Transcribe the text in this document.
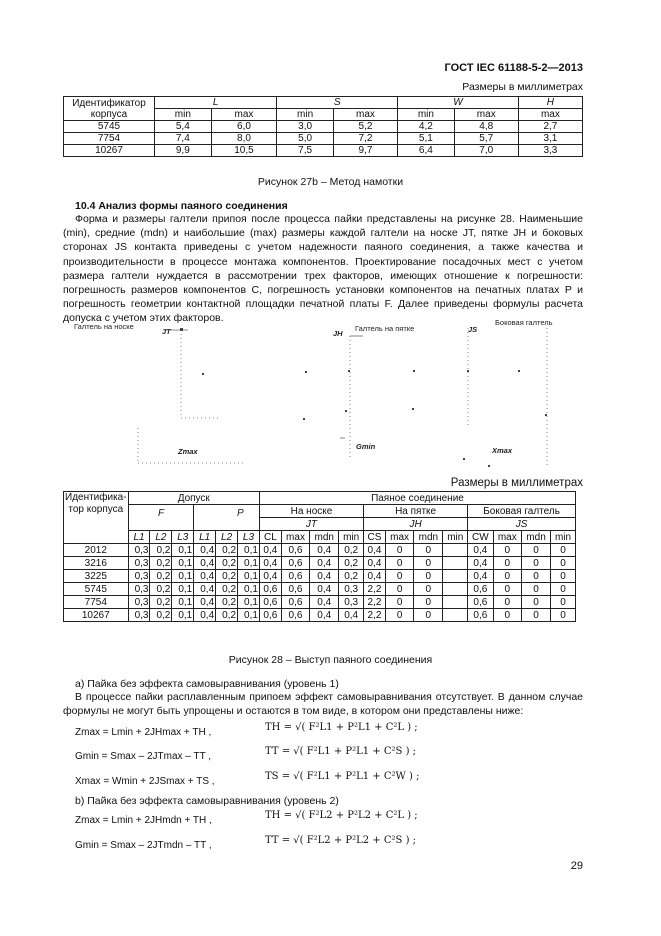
ГОСТ IEC 61188-5-2—2013
Размеры в миллиметрах
Идентификатор корпуса	L		S		W		H
	min	max	min	max	min	max	max
5745	5,4	6,0	3,0	5,2	4,2	4,8	2,7
7754	7,4	8,0	5,0	7,2	5,1	5,7	3,1
10267	9,9	10,5	7,5	9,7	6,4	7,0	3,3
Рисунок 27b – Метод намотки
10.4 Анализ формы паяного соединения

Форма и размеры галтели припоя после процесса пайки представлены на рисунке 28. Наименьшие (min), средние (mdn) и наибольшие (max) размеры каждой галтели на носке JT, пятке JH и боковых сторонах JS контакта приведены с учетом надежности паяного соединения, а также качества и производительности в процессе монтажа компонентов. Проектирование посадочных мест с учетом размера галтели нуждается в рассмотрении трех факторов, имеющих отношение к погрешности: погрешность размеров компонентов C, погрешность установки компонентов на печатных платах P и погрешность геометрии контактной площадки печатной платы F. Далее приведены формулы расчета допуска с учетом этих факторов.

Галтель на носке	Галтель на пятке
Боковая галтель
JT	JH	JS
Zmax
Gmin	Xmax
Размеры в миллиметрах
Идентифика-тор корпуса	Допуск						Паяное соединение											
							На носке				На пятке				Боковая галтель			
							JT				JH				JS			
	L1	L2	L3	L1	L2	L3	CL	max	mdn	min	CS	max	mdn	min	CW	max	mdn	min
2012	0,3	0,2	0,1	0,4	0,2	0,1	0,4	0,6	0,4	0,2	0,4	0	0		0,4	0	0	0
3216	0,3	0,2	0,1	0,4	0,2	0,1	0,4	0,6	0,4	0,2	0,4	0	0		0,4	0	0	0
3225	0,3	0,2	0,1	0,4	0,2	0,1	0,4	0,6	0,4	0,2	0,4	0	0		0,4	0	0	0
5745	0,3	0,2	0,1	0,4	0,2	0,1	0,6	0,6	0,4	0,3	2,2	0	0		0,6	0	0	0
7754	0,3	0,2	0,1	0,4	0,2	0,1	0,6	0,6	0,4	0,3	2,2	0	0		0,6	0	0	0
10267	0,3	0,2	0,1	0,4	0,2	0,1	0,6	0,6	0,4	0,4	2,2	0	0		0,6	0	0	0
F	P
Рисунок 28 – Выступ паяного соединения
а) Пайка без эффекта самовыравнивания (уровень 1)

В процессе пайки расплавленным припоем эффект самовыравнивания отсутствует. В данном случае формулы не могут быть упрощены и остаются в том виде, в котором они представлены ниже:

Zmax = Lmin + 2JHmax + TH ,	TH = √( F²L1 + P²L1 + C²L ) ;
Gmin = Smax – 2JTmax – TT ,	TT = √( F²L1 + P²L1 + C²S ) ;
Xmax = Wmin + 2JSmax + TS ,	TS = √( F²L1 + P²L1 + C²W ) ;
b) Пайка без эффекта самовыравнивания (уровень 2)
Zmax = Lmin + 2JHmdn + TH ,	TH = √( F²L2 + P²L2 + C²L ) ;
Gmin = Smax – 2JTmdn – TT ,	TT = √( F²L2 + P²L2 + C²S ) ;
29
